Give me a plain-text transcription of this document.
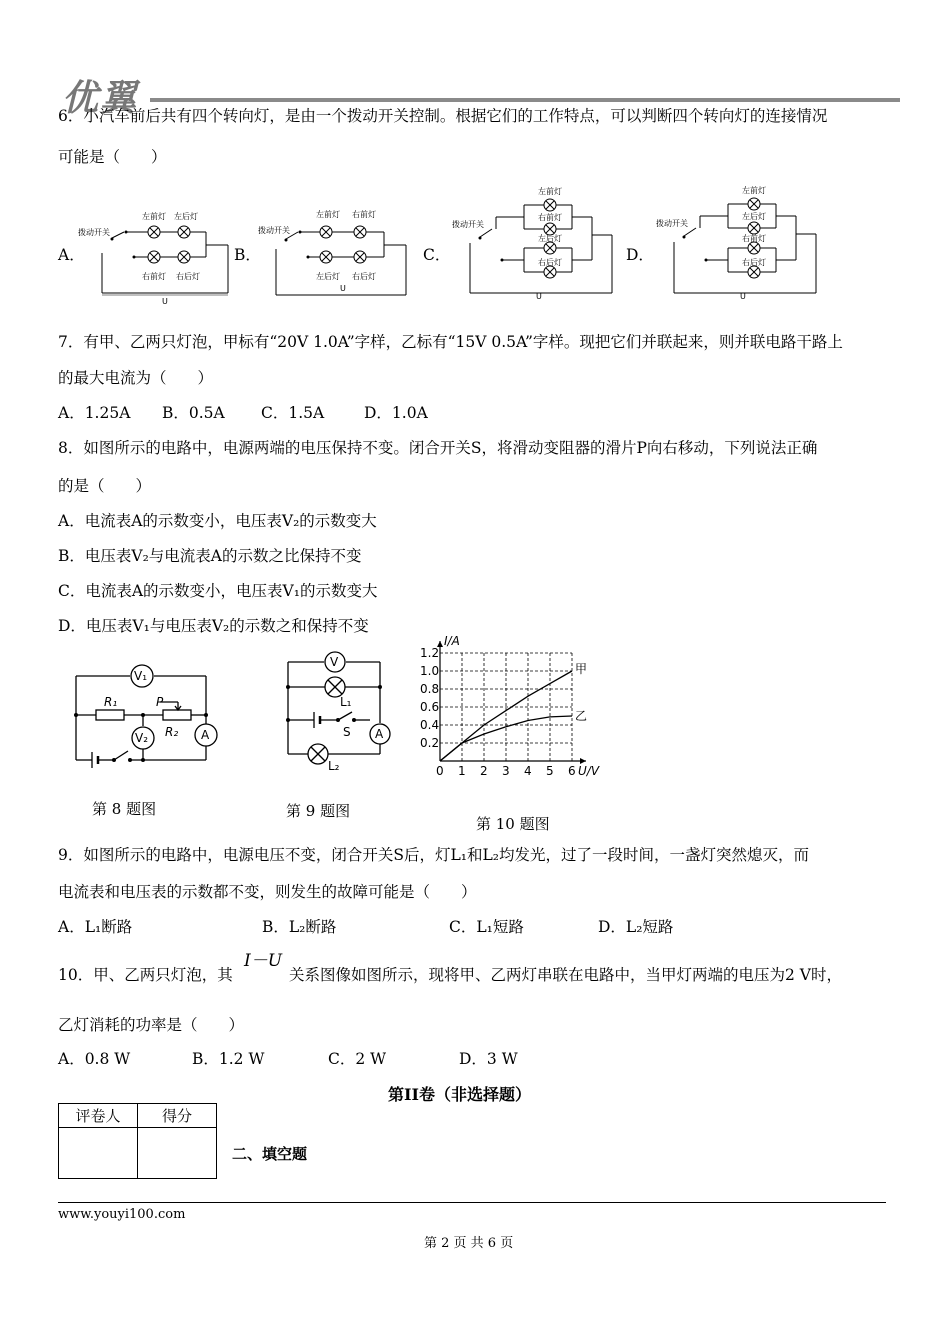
优翼
6．小汽车前后共有四个转向灯，是由一个拨动开关控制。根据它们的工作特点，可以判断四个转向灯的连接情况
可能是（　　）
A．	B．	C．	D．
拨动开关
左前灯 左后灯
右前灯 右后灯
U
拨动开关
左前灯 右前灯
左后灯 右后灯
U
拨动开关
左前灯
右前灯
左后灯
右后灯
U
拨动开关
左前灯
左后灯
右前灯
右后灯
U
7．有甲、乙两只灯泡，甲标有“20V 1.0A”字样，乙标有“15V 0.5A”字样。现把它们并联起来，则并联电路干路上
的最大电流为（　　）
A．1.25A B．0.5A C．1.5A	D．1.0A
8．如图所示的电路中，电源两端的电压保持不变。闭合开关S，将滑动变阻器的滑片P向右移动，下列说法正确
的是（　　）
A．电流表A的示数变小，电压表V₂的示数变大
B．电压表V₂与电流表A的示数之比保持不变
C．电流表A的示数变小，电压表V₁的示数变大
D．电压表V₁与电压表V₂的示数之和保持不变
V₁
R₁	P
R₂
V₂	A
V
L₁
S A
L₂	0 1 2 3 4 5 6
0.2
0.4
0.6
0.8
1.0
1.2
I/A
U/V
甲
乙
第 8 题图	第 9 题图
第 10 题图
9．如图所示的电路中，电源电压不变，闭合开关S后，灯L₁和L₂均发光，过了一段时间，一盏灯突然熄灭，而
电流表和电压表的示数都不变，则发生的故障可能是（　　）
A．L₁断路	B．L₂断路	C．L₁短路	D．L₂短路
10．甲、乙两只灯泡，其
I－U
关系图像如图所示，现将甲、乙两灯串联在电路中，当甲灯两端的电压为2 V时，
乙灯消耗的功率是（　　）
A．0.8 W	B．1.2 W	C．2 W	D．3 W
第II卷（非选择题）
评卷人	得分

二、填空题
www.youyi100.com
第 2 页 共 6 页
